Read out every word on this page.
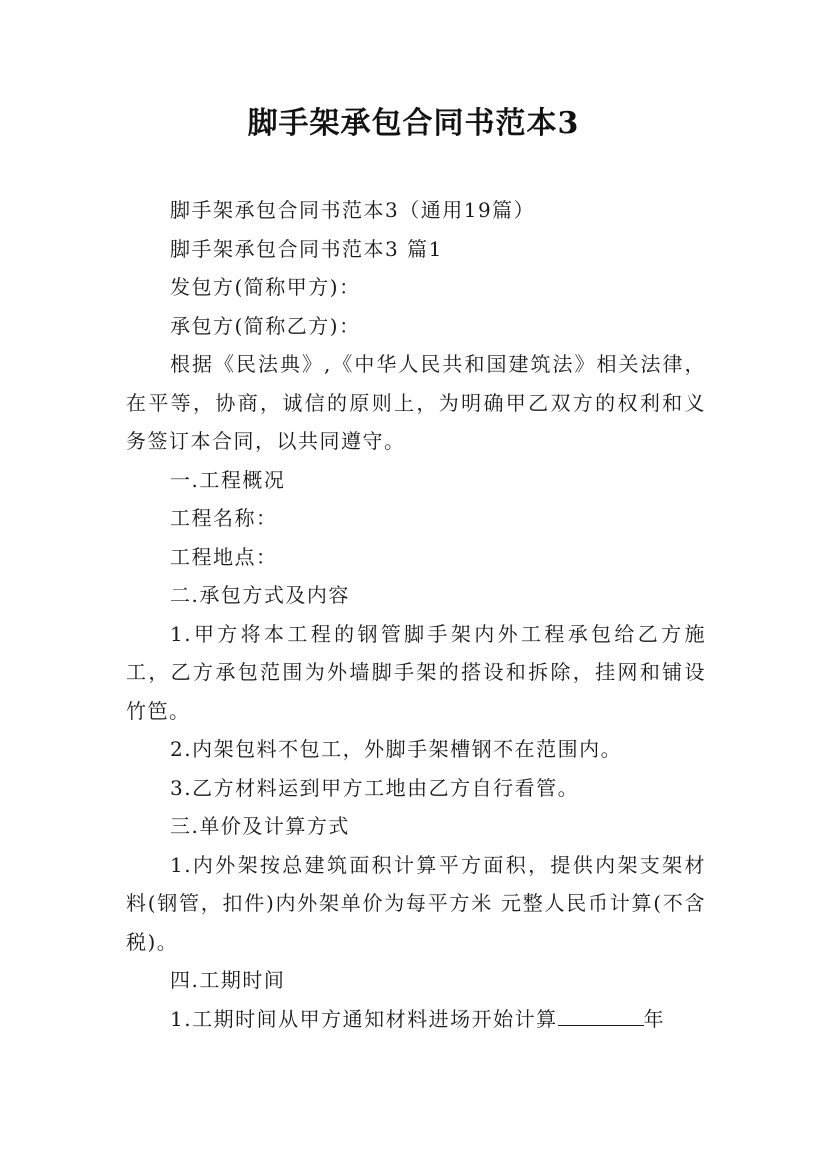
脚手架承包合同书范本3

脚手架承包合同书范本3（通用19篇）

脚手架承包合同书范本3 篇1

发包方(简称甲方)：

承包方(简称乙方)：

根据《民法典》,《中华人民共和国建筑法》相关法律，在平等，协商，诚信的原则上，为明确甲乙双方的权利和义务签订本合同，以共同遵守。

一.工程概况

工程名称：

工程地点：

二.承包方式及内容

1.甲方将本工程的钢管脚手架内外工程承包给乙方施工，乙方承包范围为外墙脚手架的搭设和拆除，挂网和铺设竹笆。

2.内架包料不包工，外脚手架槽钢不在范围内。

3.乙方材料运到甲方工地由乙方自行看管。

三.单价及计算方式

1.内外架按总建筑面积计算平方面积，提供内架支架材料(钢管，扣件)内外架单价为每平方米 元整人民币计算(不含税)。

四.工期时间

1.工期时间从甲方通知材料进场开始计算	年
